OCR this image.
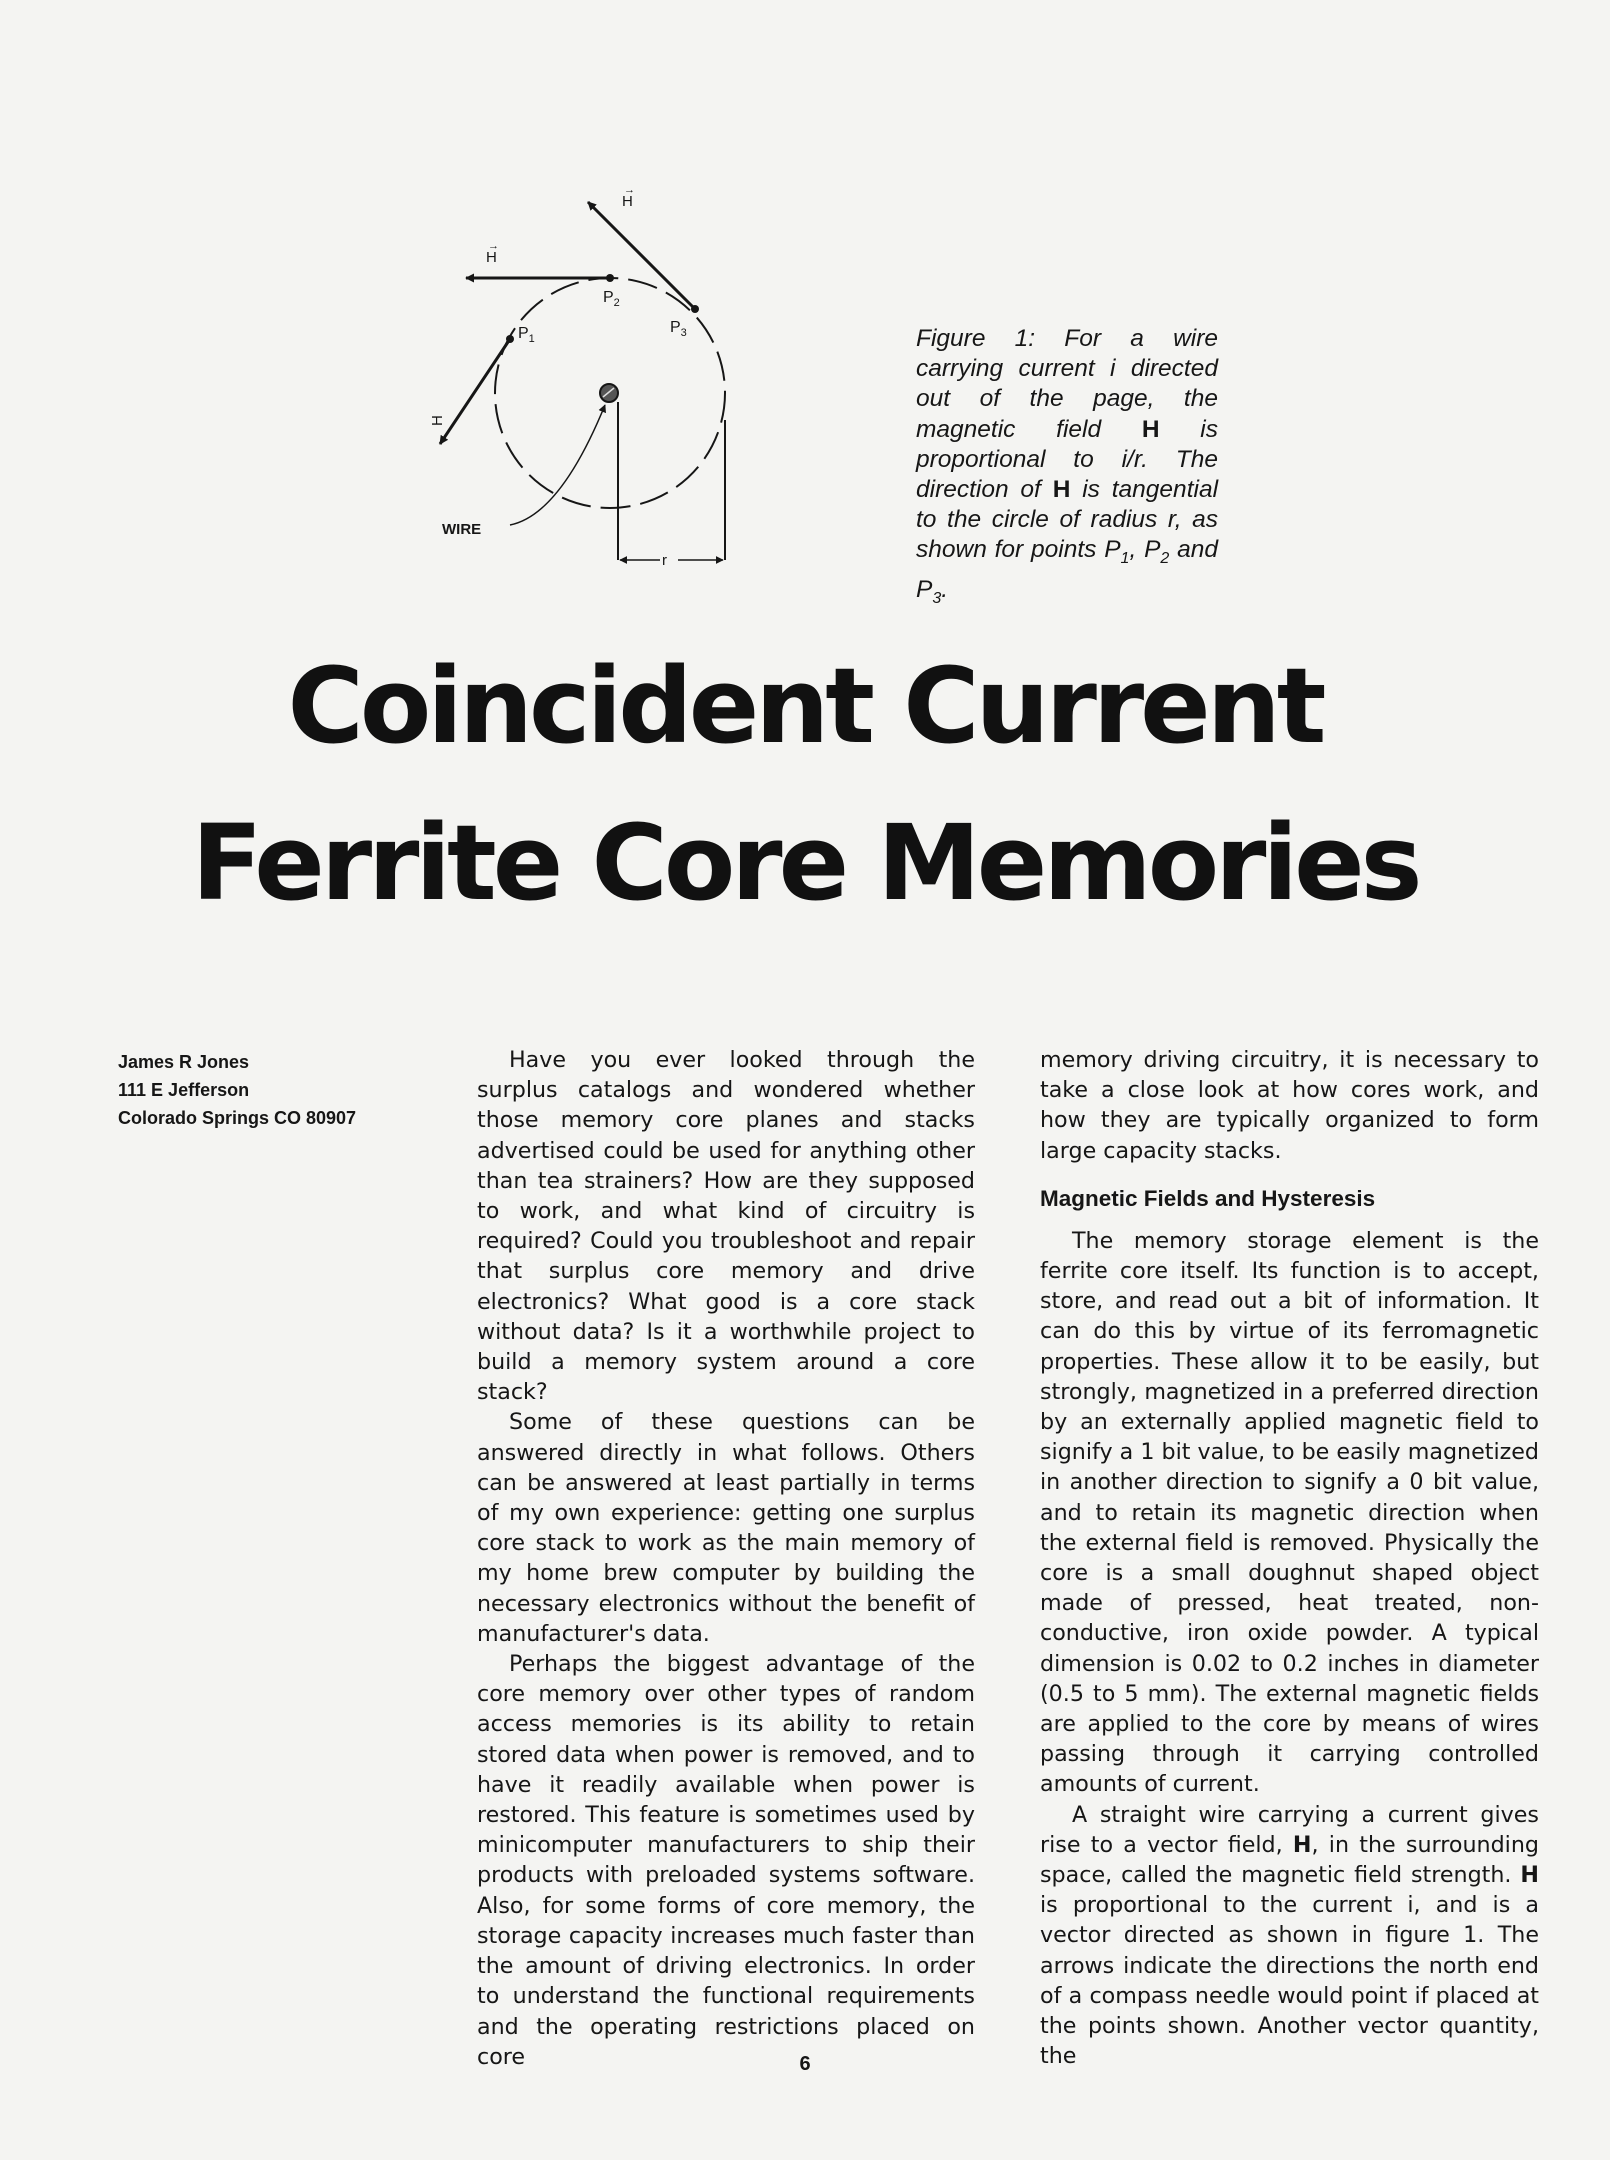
H
→
H
→
H
$P_1$
$P_2$
$P_3$
WIRE
r
Figure 1: For a wire carrying current i directed out of the page, the magnetic field H is proportional to i/r. The direction of H is tangential to the circle of radius r, as shown for points $P_1$, $P_2$ and $P_3$.
Coincident Current
Ferrite Core Memories
James R Jones
111 E Jefferson
Colorado Springs CO 80907

Have you ever looked through the surplus catalogs and wondered whether those memory core planes and stacks advertised could be used for anything other than tea strainers? How are they supposed to work, and what kind of circuitry is required? Could you troubleshoot and repair that surplus core memory and drive electronics? What good is a core stack without data? Is it a worthwhile project to build a memory system around a core stack?

Some of these questions can be answered directly in what follows. Others can be answered at least partially in terms of my own experience: getting one surplus core stack to work as the main memory of my home brew computer by building the necessary electronics without the benefit of manufacturer's data.

Perhaps the biggest advantage of the core memory over other types of random access memories is its ability to retain stored data when power is removed, and to have it readily available when power is restored. This feature is sometimes used by minicomputer manufacturers to ship their products with preloaded systems software. Also, for some forms of core memory, the storage capacity increases much faster than the amount of driving electronics. In order to understand the functional requirements and the operating restrictions placed on core

memory driving circuitry, it is necessary to take a close look at how cores work, and how they are typically organized to form large capacity stacks.

Magnetic Fields and Hysteresis

The memory storage element is the ferrite core itself. Its function is to accept, store, and read out a bit of information. It can do this by virtue of its ferromagnetic properties. These allow it to be easily, but strongly, magnetized in a preferred direction by an externally applied magnetic field to signify a 1 bit value, to be easily magnetized in another direction to signify a 0 bit value, and to retain its magnetic direction when the external field is removed. Physically the core is a small doughnut shaped object made of pressed, heat treated, non-conductive, iron oxide powder. A typical dimension is 0.02 to 0.2 inches in diameter (0.5 to 5 mm). The external magnetic fields are applied to the core by means of wires passing through it carrying controlled amounts of current.

A straight wire carrying a current gives rise to a vector field, H, in the surrounding space, called the magnetic field strength. H is proportional to the current i, and is a vector directed as shown in figure 1. The arrows indicate the directions the north end of a compass needle would point if placed at the points shown. Another vector quantity, the

6
